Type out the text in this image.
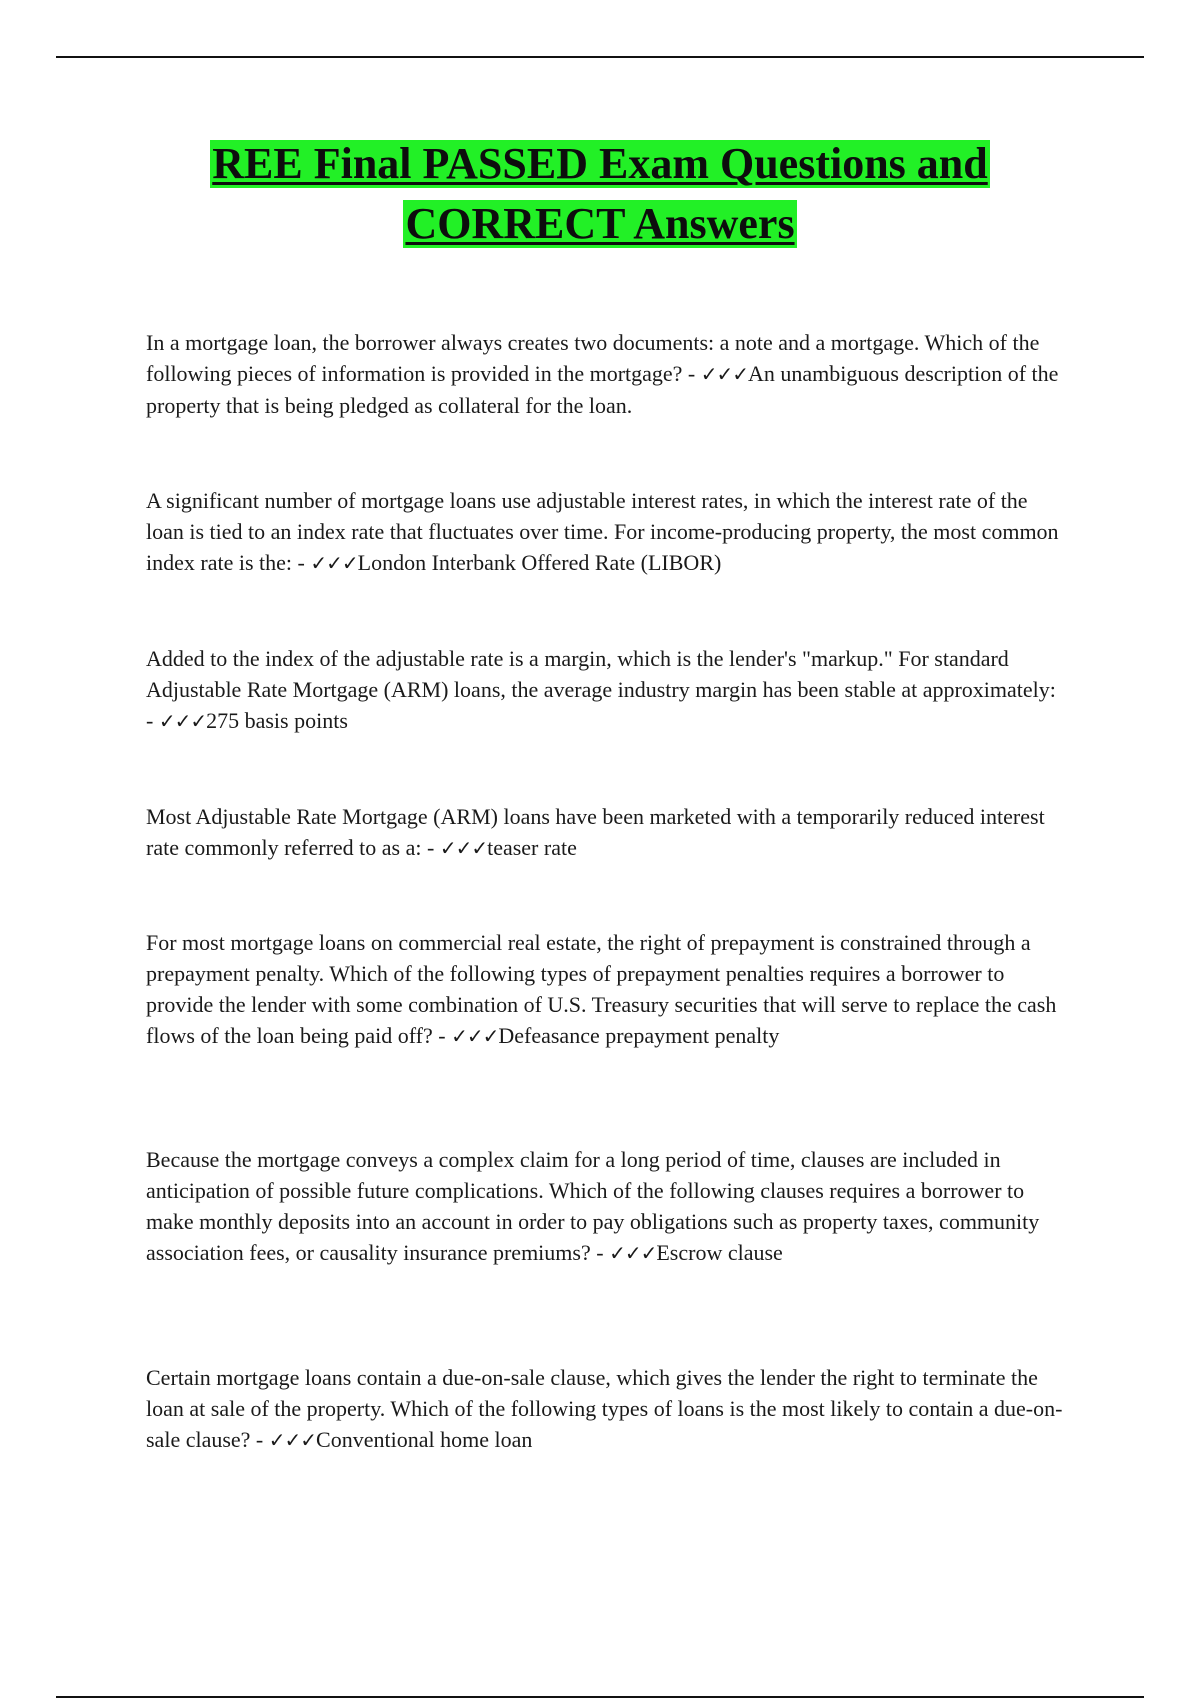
REE Final PASSED Exam Questions and
CORRECT Answers

In a mortgage loan, the borrower always creates two documents: a note and a mortgage. Which of the following pieces of information is provided in the mortgage? - ✓✓✓An unambiguous description of the property that is being pledged as collateral for the loan.

A significant number of mortgage loans use adjustable interest rates, in which the interest rate of the loan is tied to an index rate that fluctuates over time. For income-producing property, the most common index rate is the: - ✓✓✓London Interbank Offered Rate (LIBOR)

Added to the index of the adjustable rate is a margin, which is the lender's "markup." For standard Adjustable Rate Mortgage (ARM) loans, the average industry margin has been stable at approximately: - ✓✓✓275 basis points

Most Adjustable Rate Mortgage (ARM) loans have been marketed with a temporarily reduced interest rate commonly referred to as a: - ✓✓✓teaser rate

For most mortgage loans on commercial real estate, the right of prepayment is constrained through a prepayment penalty. Which of the following types of prepayment penalties requires a borrower to provide the lender with some combination of U.S. Treasury securities that will serve to replace the cash flows of the loan being paid off? - ✓✓✓Defeasance prepayment penalty

Because the mortgage conveys a complex claim for a long period of time, clauses are included in anticipation of possible future complications. Which of the following clauses requires a borrower to make monthly deposits into an account in order to pay obligations such as property taxes, community association fees, or causality insurance premiums? - ✓✓✓Escrow clause

Certain mortgage loans contain a due-on-sale clause, which gives the lender the right to terminate the loan at sale of the property. Which of the following types of loans is the most likely to contain a due-on-sale clause? - ✓✓✓Conventional home loan
